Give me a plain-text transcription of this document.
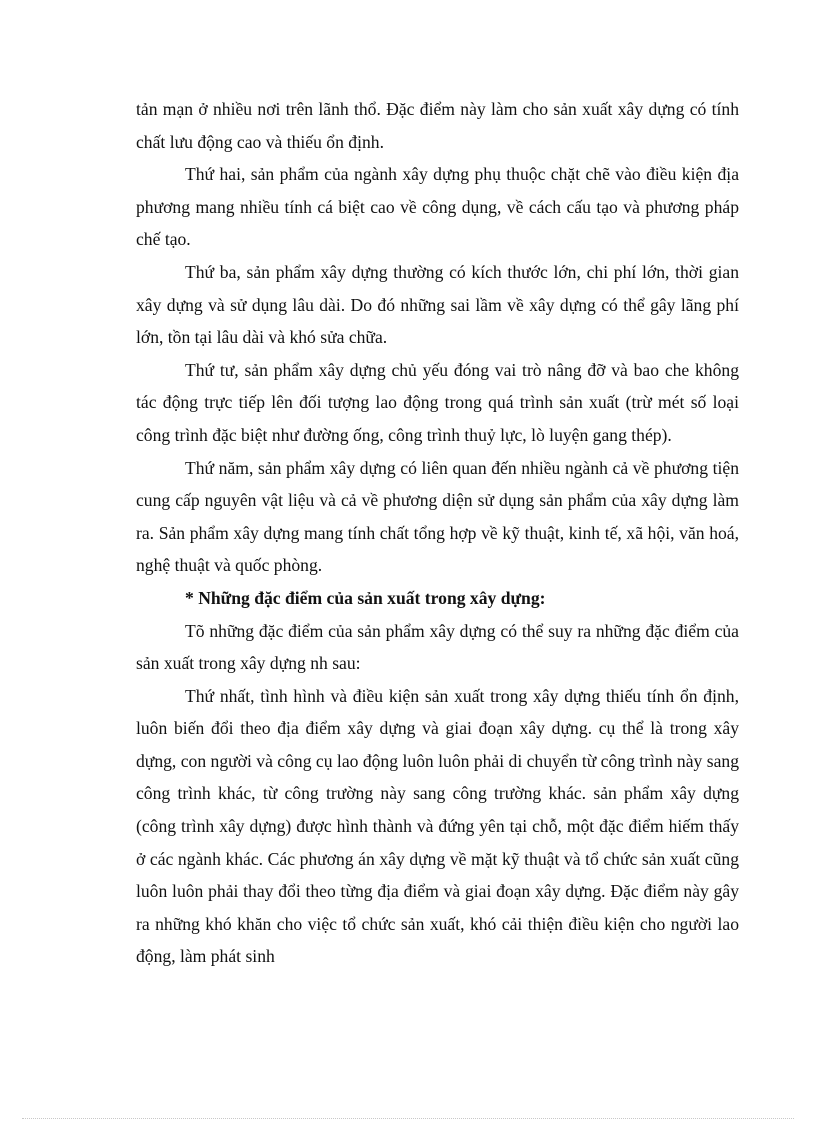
tản mạn ở nhiều nơi trên lãnh thổ. Đặc điểm này làm cho sản xuất xây dựng có tính chất lưu động cao và thiếu ổn định.

Thứ hai, sản phẩm của ngành xây dựng phụ thuộc chặt chẽ vào điều kiện địa phương mang nhiều tính cá biệt cao về công dụng, về cách cấu tạo và phương pháp chế tạo.

Thứ ba, sản phẩm xây dựng thường có kích thước lớn, chi phí lớn, thời gian xây dựng và sử dụng lâu dài. Do đó những sai lầm về xây dựng có thể gây lãng phí lớn, tồn tại lâu dài và khó sửa chữa.

Thứ tư, sản phẩm xây dựng chủ yếu đóng vai trò nâng đỡ và bao che không tác động trực tiếp lên đối tượng lao động trong quá trình sản xuất (trừ mét số loại công trình đặc biệt như đường ống, công trình thuỷ lực, lò luyện gang thép).

Thứ năm, sản phẩm xây dựng có liên quan đến nhiều ngành cả về phương tiện cung cấp nguyên vật liệu và cả về phương diện sử dụng sản phẩm của xây dựng làm ra. Sản phẩm xây dựng mang tính chất tổng hợp về kỹ thuật, kinh tế, xã hội, văn hoá, nghệ thuật và quốc phòng.

* Những đặc điểm của sản xuất trong xây dựng:

Tõ những đặc điểm của sản phẩm xây dựng có thể suy ra những đặc điểm của sản xuất trong xây dựng nh sau:

Thứ nhất, tình hình và điều kiện sản xuất trong xây dựng thiếu tính ổn định, luôn biến đổi theo địa điểm xây dựng và giai đoạn xây dựng. cụ thể là trong xây dựng, con người và công cụ lao động luôn luôn phải di chuyển từ công trình này sang công trình khác, từ công trường này sang công trường khác. sản phẩm xây dựng (công trình xây dựng) được hình thành và đứng yên tại chỗ, một đặc điểm hiếm thấy ở các ngành khác. Các phương án xây dựng về mặt kỹ thuật và tổ chức sản xuất cũng luôn luôn phải thay đổi theo từng địa điểm và giai đoạn xây dựng. Đặc điểm này gây ra những khó khăn cho việc tổ chức sản xuất, khó cải thiện điều kiện cho người lao động, làm phát sinh
